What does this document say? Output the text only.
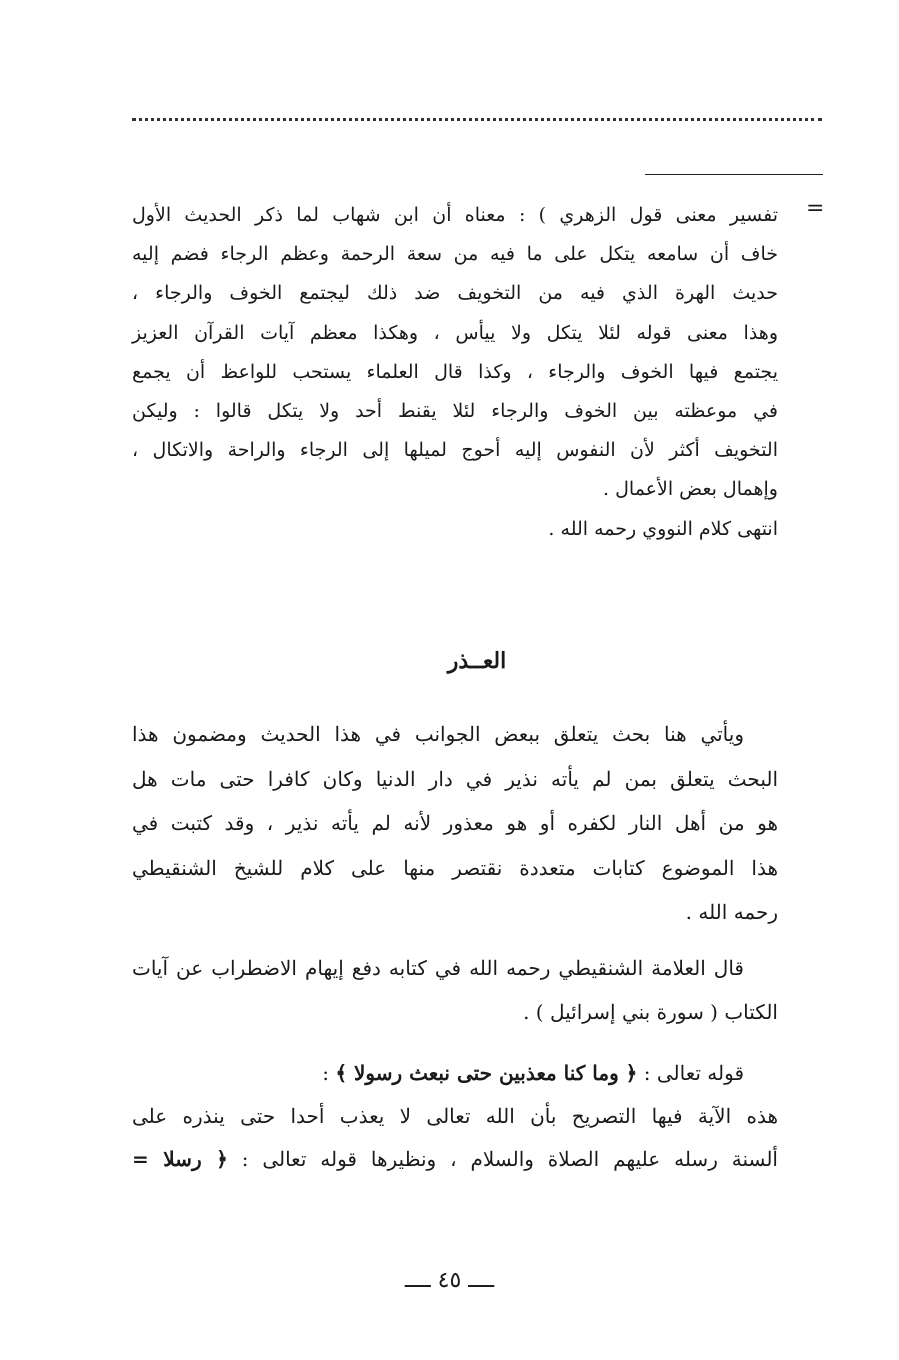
=
تفسير معنى قول الزهري ) : معناه أن ابن شهاب لما ذكر الحديث الأول
خاف أن سامعه يتكل على ما فيه من سعة الرحمة وعظم الرجاء فضم إليه
حديث الهرة الذي فيه من التخويف ضد ذلك ليجتمع الخوف والرجاء ،
وهذا معنى قوله لئلا يتكل ولا ييأس ، وهكذا معظم آيات القرآن العزيز
يجتمع فيها الخوف والرجاء ، وكذا قال العلماء يستحب للواعظ أن يجمع
في موعظته بين الخوف والرجاء لئلا يقنط أحد ولا يتكل قالوا : وليكن
التخويف أكثر لأن النفوس إليه أحوج لميلها إلى الرجاء والراحة والاتكال ،
وإهمال بعض الأعمال .
انتهى كلام النووي رحمه الله .
العــذر
ويأتي هنا بحث يتعلق ببعض الجوانب في هذا الحديث ومضمون هذا
البحث يتعلق بمن لم يأته نذير في دار الدنيا وكان كافرا حتى مات هل
هو من أهل النار لكفره أو هو معذور لأنه لم يأته نذير ، وقد كتبت في
هذا الموضوع كتابات متعددة نقتصر منها على كلام للشيخ الشنقيطي
رحمه الله .
قال العلامة الشنقيطي رحمه الله في كتابه دفع إيهام الاضطراب عن آيات
الكتاب ( سورة بني إسرائيل ) .
قوله تعالى : ﴿ وما كنا معذبين حتى نبعث رسولا ﴾ :
هذه الآية فيها التصريح بأن الله تعالى لا يعذب أحدا حتى ينذره على
ألسنة رسله عليهم الصلاة والسلام ، ونظيرها قوله تعالى : ﴿ رسلا =
ــــ ٤٥ ــــ
